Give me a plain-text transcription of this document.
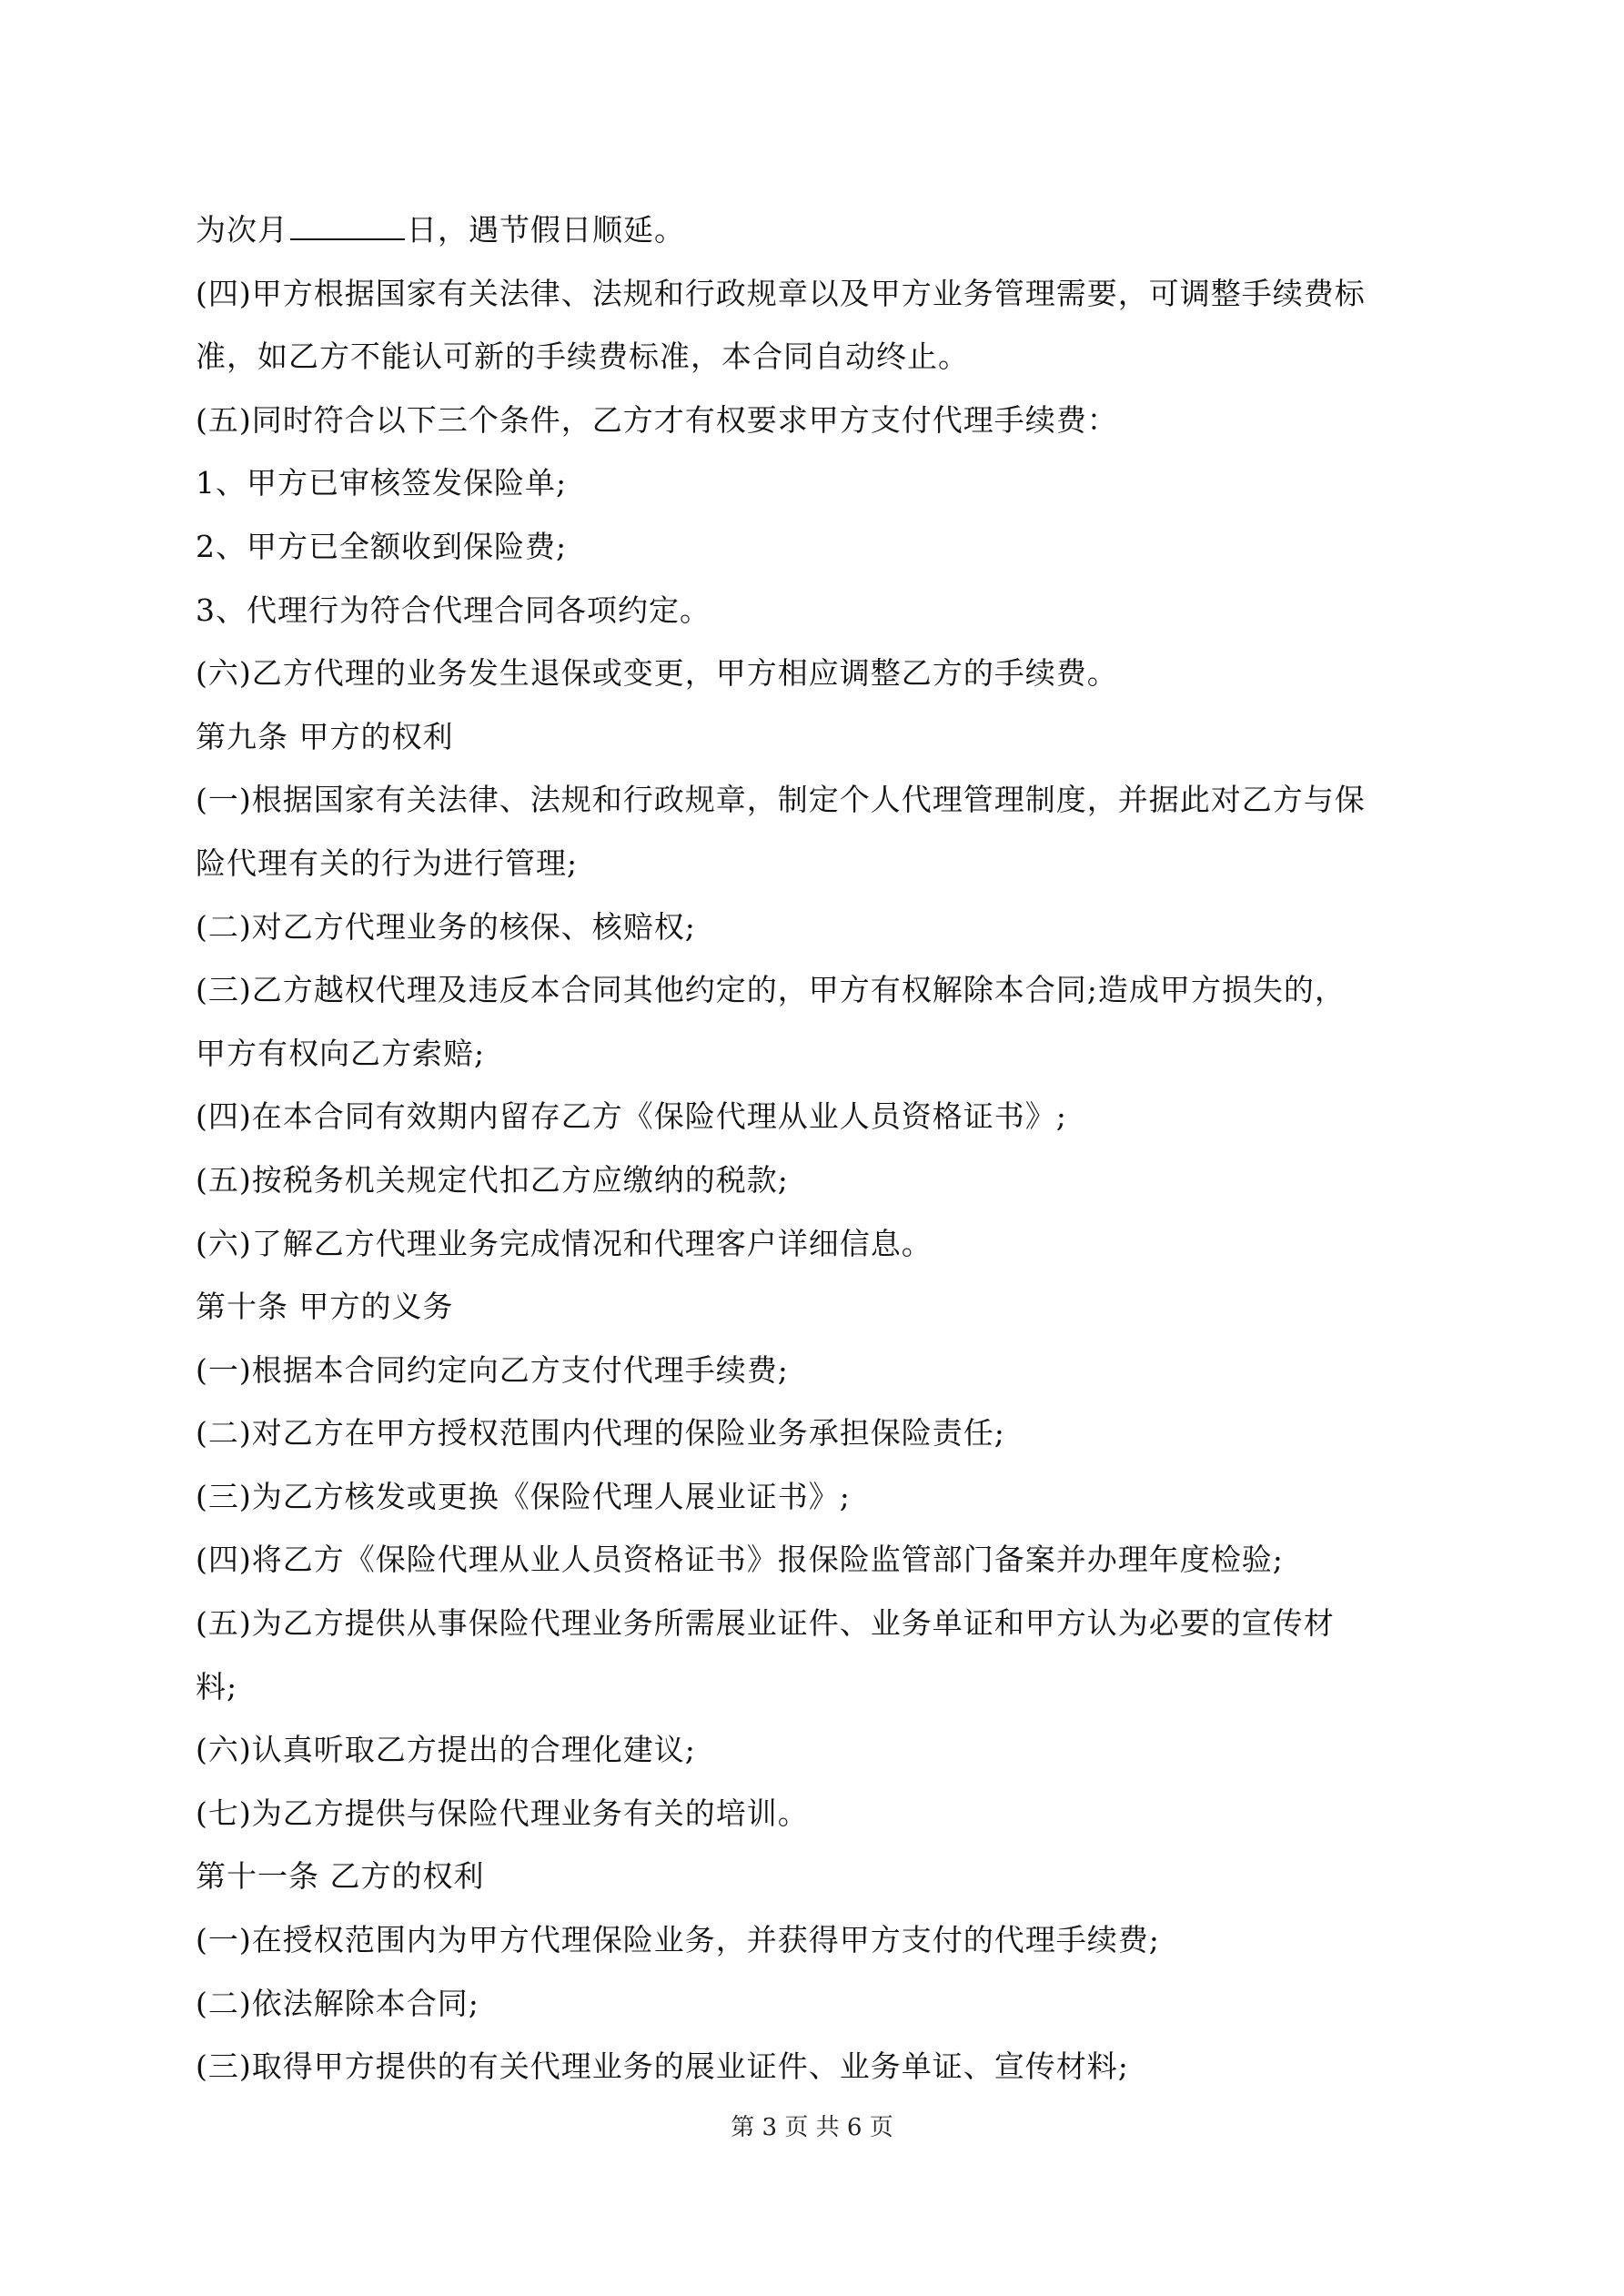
为次月	日，遇节假日顺延。
(四)甲方根据国家有关法律、法规和行政规章以及甲方业务管理需要，可调整手续费标
准，如乙方不能认可新的手续费标准，本合同自动终止。
(五)同时符合以下三个条件，乙方才有权要求甲方支付代理手续费：
1、甲方已审核签发保险单;
2、甲方已全额收到保险费;
3、代理行为符合代理合同各项约定。
(六)乙方代理的业务发生退保或变更，甲方相应调整乙方的手续费。
第九条 甲方的权利
(一)根据国家有关法律、法规和行政规章，制定个人代理管理制度，并据此对乙方与保
险代理有关的行为进行管理;
(二)对乙方代理业务的核保、核赔权;
(三)乙方越权代理及违反本合同其他约定的，甲方有权解除本合同;造成甲方损失的，
甲方有权向乙方索赔;
(四)在本合同有效期内留存乙方《保险代理从业人员资格证书》;
(五)按税务机关规定代扣乙方应缴纳的税款;
(六)了解乙方代理业务完成情况和代理客户详细信息。
第十条 甲方的义务
(一)根据本合同约定向乙方支付代理手续费;
(二)对乙方在甲方授权范围内代理的保险业务承担保险责任;
(三)为乙方核发或更换《保险代理人展业证书》;
(四)将乙方《保险代理从业人员资格证书》报保险监管部门备案并办理年度检验;
(五)为乙方提供从事保险代理业务所需展业证件、业务单证和甲方认为必要的宣传材
料;
(六)认真听取乙方提出的合理化建议;
(七)为乙方提供与保险代理业务有关的培训。
第十一条 乙方的权利
(一)在授权范围内为甲方代理保险业务，并获得甲方支付的代理手续费;
(二)依法解除本合同;
(三)取得甲方提供的有关代理业务的展业证件、业务单证、宣传材料;
第 3 页 共 6 页
